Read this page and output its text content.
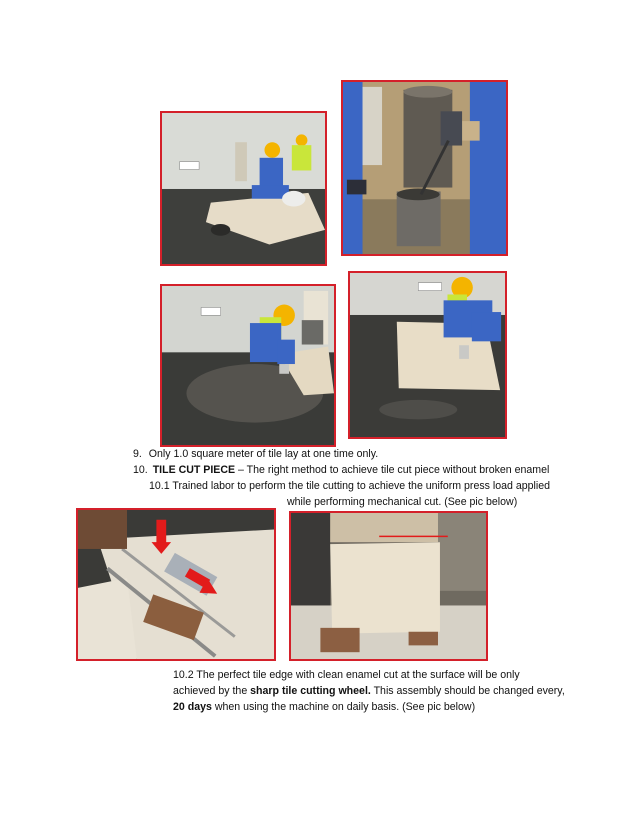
9. Only 1.0 square meter of tile lay at one time only.
10. TILE CUT PIECE – The right method to achieve tile cut piece without broken enamel
10.1 Trained labor to perform the tile cutting to achieve the uniform press load applied
while performing mechanical cut. (See pic below)
10.2 The perfect tile edge with clean enamel cut at the surface will be only
achieved by the sharp tile cutting wheel. This assembly should be changed every,
20 days when using the machine on daily basis. (See pic below)
